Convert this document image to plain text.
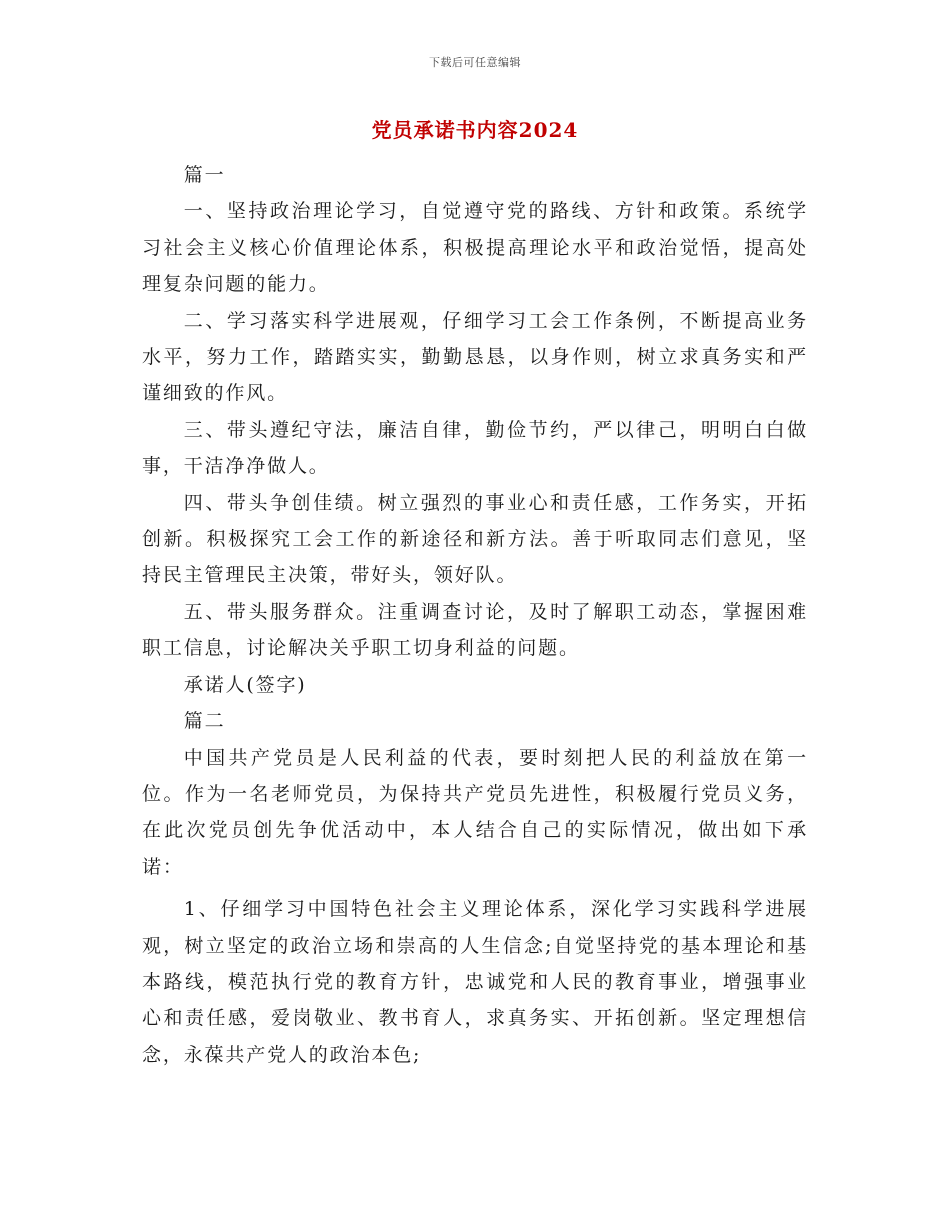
下载后可任意编辑
党员承诺书内容2024

篇一

一、坚持政治理论学习，自觉遵守党的路线、方针和政策。系统学习社会主义核心价值理论体系，积极提高理论水平和政治觉悟，提高处理复杂问题的能力。

二、学习落实科学进展观，仔细学习工会工作条例，不断提高业务水平，努力工作，踏踏实实，勤勤恳恳，以身作则，树立求真务实和严谨细致的作风。

三、带头遵纪守法，廉洁自律，勤俭节约，严以律己，明明白白做事，干洁净净做人。

四、带头争创佳绩。树立强烈的事业心和责任感，工作务实，开拓创新。积极探究工会工作的新途径和新方法。善于听取同志们意见，坚持民主管理民主决策，带好头，领好队。

五、带头服务群众。注重调查讨论，及时了解职工动态，掌握困难职工信息，讨论解决关乎职工切身利益的问题。

承诺人(签字)

篇二

中国共产党员是人民利益的代表，要时刻把人民的利益放在第一位。作为一名老师党员，为保持共产党员先进性，积极履行党员义务，在此次党员创先争优活动中，本人结合自己的实际情况，做出如下承诺：

1、仔细学习中国特色社会主义理论体系，深化学习实践科学进展观，树立坚定的政治立场和崇高的人生信念;自觉坚持党的基本理论和基本路线，模范执行党的教育方针，忠诚党和人民的教育事业，增强事业心和责任感，爱岗敬业、教书育人，求真务实、开拓创新。坚定理想信念，永葆共产党人的政治本色;
